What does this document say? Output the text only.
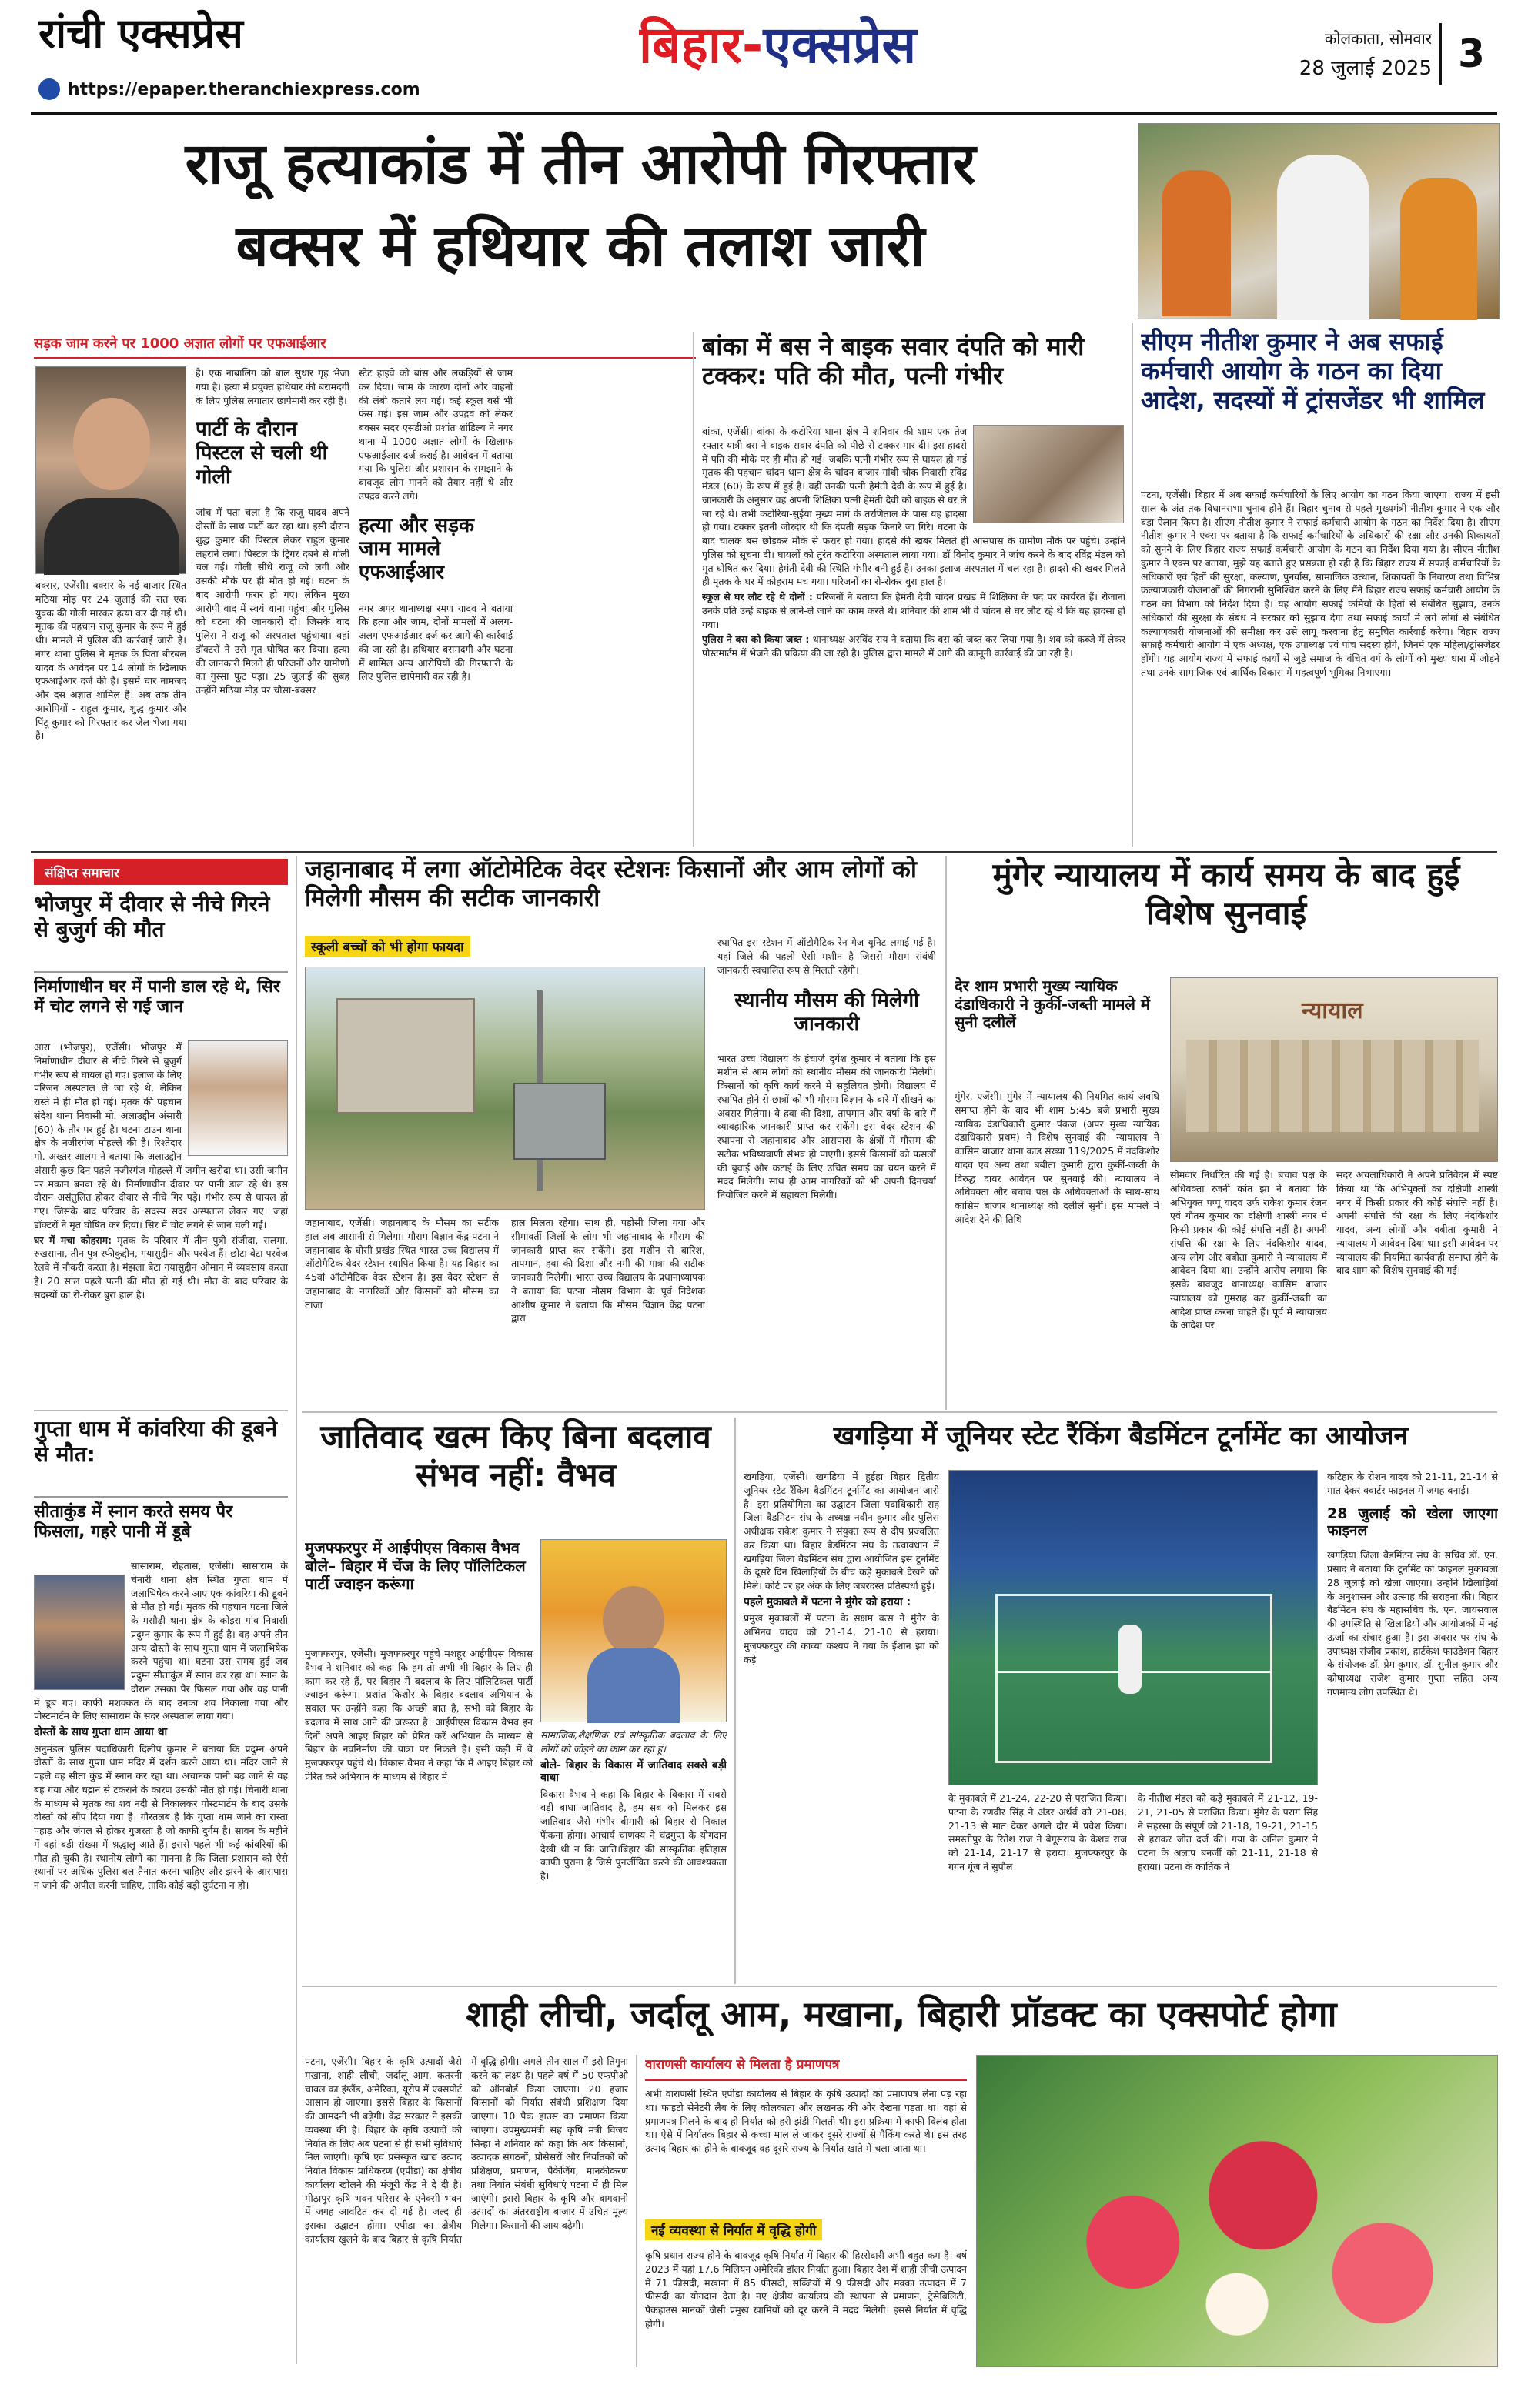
रांची एक्सप्रेस
https://epaper.theranchiexpress.com
बिहार-एक्सप्रेस	कोलकाता, सोमवार
28 जुलाई 2025 3
राजू हत्याकांड में तीन आरोपी गिरफ्तार
बक्सर में हथियार की तलाश जारी
सड़क जाम करने पर 1000 अज्ञात लोगों पर एफआईआर
बक्सर, एजेंसी। बक्सर के नई बाजार स्थित मठिया मोड़ पर 24 जुलाई की रात एक युवक की गोली मारकर हत्या कर दी गई थी। मृतक की पहचान राजू कुमार के रूप में हुई थी। मामले में पुलिस की कार्रवाई जारी है। नगर थाना पुलिस ने मृतक के पिता बीरबल यादव के आवेदन पर 14 लोगों के खिलाफ एफआईआर दर्ज की है। इसमें चार नामजद और दस अज्ञात शामिल हैं। अब तक तीन आरोपियों - राहुल कुमार, शुद्ध कुमार और पिंटू कुमार को गिरफ्तार कर जेल भेजा गया है।

है। एक नाबालिग को बाल सुधार गृह भेजा गया है। हत्या में प्रयुक्त हथियार की बरामदगी के लिए पुलिस लगातार छापेमारी कर रही है।

पार्टी के दौरान पिस्टल से चली थी गोली

जांच में पता चला है कि राजू यादव अपने दोस्तों के साथ पार्टी कर रहा था। इसी दौरान शुद्ध कुमार की पिस्टल लेकर राहुल कुमार लहराने लगा। पिस्टल के ट्रिगर दबने से गोली चल गई। गोली सीधे राजू को लगी और उसकी मौके पर ही मौत हो गई। घटना के बाद आरोपी फरार हो गए। लेकिन मुख्य आरोपी बाद में स्वयं थाना पहुंचा और पुलिस को घटना की जानकारी दी। जिसके बाद पुलिस ने राजू को अस्पताल पहुंचाया। वहां डॉक्टरों ने उसे मृत घोषित कर दिया। हत्या की जानकारी मिलते ही परिजनों और ग्रामीणों का गुस्सा फूट पड़ा। 25 जुलाई की सुबह उन्होंने मठिया मोड़ पर चौसा-बक्सर

स्टेट हाइवे को बांस और लकड़ियों से जाम कर दिया। जाम के कारण दोनों ओर वाहनों की लंबी कतारें लग गईं। कई स्कूल बसें भी फंस गई। इस जाम और उपद्रव को लेकर बक्सर सदर एसडीओ प्रशांत शांडिल्य ने नगर थाना में 1000 अज्ञात लोगों के खिलाफ एफआईआर दर्ज कराई है। आवेदन में बताया गया कि पुलिस और प्रशासन के समझाने के बावजूद लोग मानने को तैयार नहीं थे और उपद्रव करने लगे।

हत्या और सड़क जाम मामले एफआईआर

नगर अपर थानाध्यक्ष रमण यादव ने बताया कि हत्या और जाम, दोनों मामलों में अलग-अलग एफआईआर दर्ज कर आगे की कार्रवाई की जा रही है। हथियार बरामदगी और घटना में शामिल अन्य आरोपियों की गिरफ्तारी के लिए पुलिस छापेमारी कर रही है।

बांका में बस ने बाइक सवार दंपति को मारी टक्कर: पति की मौत, पत्नी गंभीर

बांका, एजेंसी। बांका के कटोरिया थाना क्षेत्र में शनिवार की शाम एक तेज रफ्तार यात्री बस ने बाइक सवार दंपति को पीछे से टक्कर मार दी। इस हादसे में पति की मौके पर ही मौत हो गई। जबकि पत्नी गंभीर रूप से घायल हो गई मृतक की पहचान चांदन थाना क्षेत्र के चांदन बाजार गांधी चौक निवासी रविंद्र मंडल (60) के रूप में हुई है। वहीं उनकी पत्नी हेमंती देवी के रूप में हुई है। जानकारी के अनुसार वह अपनी शिक्षिका पत्नी हेमंती देवी को बाइक से घर ले जा रहे थे। तभी कटोरिया-सुईया मुख्य मार्ग के तरणिताल के पास यह हादसा हो गया। टक्कर इतनी जोरदार थी कि दंपती सड़क किनारे जा गिरे। घटना के बाद चालक बस छोड़कर मौके से फरार हो गया। हादसे की खबर मिलते ही आसपास के ग्रामीण मौके पर पहुंचे। उन्होंने पुलिस को सूचना दी। घायलों को तुरंत कटोरिया अस्पताल लाया गया। डॉ विनोद कुमार ने जांच करने के बाद रविंद्र मंडल को मृत घोषित कर दिया। हेमंती देवी की स्थिति गंभीर बनी हुई है। उनका इलाज अस्पताल में चल रहा है। हादसे की खबर मिलते ही मृतक के घर में कोहराम मच गया। परिजनों का रो-रोकर बुरा हाल है।

स्कूल से घर लौट रहे थे दोनों : परिजनों ने बताया कि हेमंती देवी चांदन प्रखंड में शिक्षिका के पद पर कार्यरत हैं। रोजाना उनके पति उन्हें बाइक से लाने-ले जाने का काम करते थे। शनिवार की शाम भी वे चांदन से घर लौट रहे थे कि यह हादसा हो गया।

पुलिस ने बस को किया जब्त : थानाध्यक्ष अरविंद राय ने बताया कि बस को जब्त कर लिया गया है। शव को कब्जे में लेकर पोस्टमार्टम में भेजने की प्रक्रिया की जा रही है। पुलिस द्वारा मामले में आगे की कानूनी कार्रवाई की जा रही है।

सीएम नीतीश कुमार ने अब सफाई कर्मचारी आयोग के गठन का दिया आदेश, सदस्यों में ट्रांसजेंडर भी शामिल
पटना, एजेंसी। बिहार में अब सफाई कर्मचारियों के लिए आयोग का गठन किया जाएगा। राज्य में इसी साल के अंत तक विधानसभा चुनाव होने हैं। बिहार चुनाव से पहले मुख्यमंत्री नीतीश कुमार ने एक और बड़ा ऐलान किया है। सीएम नीतीश कुमार ने सफाई कर्मचारी आयोग के गठन का निर्देश दिया है। सीएम नीतीश कुमार ने एक्स पर बताया है कि सफाई कर्मचारियों के अधिकारों की रक्षा और उनकी शिकायतों को सुनने के लिए बिहार राज्य सफाई कर्मचारी आयोग के गठन का निर्देश दिया गया है। सीएम नीतीश कुमार ने एक्स पर बताया, मुझे यह बताते हुए प्रसन्नता हो रही है कि बिहार राज्य में सफाई कर्मचारियों के अधिकारों एवं हितों की सुरक्षा, कल्याण, पुनर्वास, सामाजिक उत्थान, शिकायतों के निवारण तथा विभिन्न कल्याणकारी योजनाओं की निगरानी सुनिश्चित करने के लिए मैंने बिहार राज्य सफाई कर्मचारी आयोग के गठन का विभाग को निर्देश दिया है। यह आयोग सफाई कर्मियों के हितों से संबंधित सुझाव, उनके अधिकारों की सुरक्षा के संबंध में सरकार को सुझाव देगा तथा सफाई कार्यों में लगे लोगों से संबंधित कल्याणकारी योजनाओं की समीक्षा कर उसे लागू करवाना हेतु समुचित कार्रवाई करेगा। बिहार राज्य सफाई कर्मचारी आयोग में एक अध्यक्ष, एक उपाध्यक्ष एवं पांच सदस्य होंगे, जिनमें एक महिला/ट्रांसजेंडर होंगी। यह आयोग राज्य में सफाई कार्यों से जुड़े समाज के वंचित वर्ग के लोगों को मुख्य धारा में जोड़ने तथा उनके सामाजिक एवं आर्थिक विकास में महत्वपूर्ण भूमिका निभाएगा।
संक्षिप्त समाचार
भोजपुर में दीवार से नीचे गिरने से बुजुर्ग की मौत
निर्माणाधीन घर में पानी डाल रहे थे, सिर में चोट लगने से गई जान

आरा (भोजपुर), एजेंसी। भोजपुर में निर्माणाधीन दीवार से नीचे गिरने से बुजुर्ग गंभीर रूप से घायल हो गए। इलाज के लिए परिजन अस्पताल ले जा रहे थे, लेकिन रास्ते में ही मौत हो गई। मृतक की पहचान संदेश थाना निवासी मो. अलाउद्दीन अंसारी (60) के तौर पर हुई है। घटना टाउन थाना क्षेत्र के नजीरगंज मोहल्ले की है। रिश्तेदार मो. अख्तर आलम ने बताया कि अलाउद्दीन अंसारी कुछ दिन पहले नजीरगंज मोहल्ले में जमीन खरीदा था। उसी जमीन पर मकान बनवा रहे थे। निर्माणाधीन दीवार पर पानी डाल रहे थे। इस दौरान असंतुलित होकर दीवार से नीचे गिर पड़े। गंभीर रूप से घायल हो गए। जिसके बाद परिवार के सदस्य सदर अस्पताल लेकर गए। जहां डॉक्टरों ने मृत घोषित कर दिया। सिर में चोट लगने से जान चली गई।

घर में मचा कोहराम: मृतक के परिवार में तीन पुत्री संजीदा, सलमा, रुखसाना, तीन पुत्र रफीकुद्दीन, गयासुद्दीन और परवेज हैं। छोटा बेटा परवेज रेलवे में नौकरी करता है। मंझला बेटा गयासुद्दीन ओमान में व्यवसाय करता है। 20 साल पहले पत्नी की मौत हो गई थी। मौत के बाद परिवार के सदस्यों का रो-रोकर बुरा हाल है।

गुप्ता धाम में कांवरिया की डूबने से मौत:
सीताकुंड में स्नान करते समय पैर फिसला, गहरे पानी में डूबे

सासाराम, रोहतास, एजेंसी। सासाराम के चेनारी थाना क्षेत्र स्थित गुप्ता धाम में जलाभिषेक करने आए एक कांवरिया की डूबने से मौत हो गई। मृतक की पहचान पटना जिले के मसौढ़ी थाना क्षेत्र के कोइरा गांव निवासी प्रदुम्न कुमार के रूप में हुई है। वह अपने तीन अन्य दोस्तों के साथ गुप्ता धाम में जलाभिषेक करने पहुंचा था। घटना उस समय हुई जब प्रदुम्न सीताकुंड में स्नान कर रहा था। स्नान के दौरान उसका पैर फिसल गया और वह पानी में डूब गए। काफी मशक्कत के बाद उनका शव निकाला गया और पोस्टमार्टम के लिए सासाराम के सदर अस्पताल लाया गया।

दोस्तों के साथ गुप्ता धाम आया था

अनुमंडल पुलिस पदाधिकारी दिलीप कुमार ने बताया कि प्रदुम्न अपने दोस्तों के साथ गुप्ता धाम मंदिर में दर्शन करने आया था। मंदिर जाने से पहले वह सीता कुंड में स्नान कर रहा था। अचानक पानी बढ़ जाने से वह बह गया और चट्टान से टकराने के कारण उसकी मौत हो गई। चिनारी थाना के माध्यम से मृतक का शव नदी से निकालकर पोस्टमार्टम के बाद उसके दोस्तों को सौंप दिया गया है। गौरतलब है कि गुप्ता धाम जाने का रास्ता पहाड़ और जंगल से होकर गुजरता है जो काफी दुर्गम है। सावन के महीने में वहां बड़ी संख्या में श्रद्धालु आते हैं। इससे पहले भी कई कांवरियों की मौत हो चुकी है। स्थानीय लोगों का मानना है कि जिला प्रशासन को ऐसे स्थानों पर अधिक पुलिस बल तैनात करना चाहिए और झरने के आसपास न जाने की अपील करनी चाहिए, ताकि कोई बड़ी दुर्घटना न हो।

जहानाबाद में लगा ऑटोमेटिक वेदर स्टेशनः किसानों और आम लोगों को मिलेगी मौसम की सटीक जानकारी
स्कूली बच्चों को भी होगा फायदा
जहानाबाद, एजेंसी। जहानाबाद के मौसम का सटीक हाल अब आसानी से मिलेगा। मौसम विज्ञान केंद्र पटना ने जहानाबाद के घोसी प्रखंड स्थित भारत उच्च विद्यालय में ऑटोमैटिक वेदर स्टेशन स्थापित किया है। यह बिहार का 45वां ऑटोमैटिक वेदर स्टेशन है। इस वेदर स्टेशन से जहानाबाद के नागरिकों और किसानों को मौसम का ताजा
हाल मिलता रहेगा। साथ ही, पड़ोसी जिला गया और सीमावर्ती जिलों के लोग भी जहानाबाद के मौसम की जानकारी प्राप्त कर सकेंगे। इस मशीन से बारिश, तापमान, हवा की दिशा और नमी की मात्रा की सटीक जानकारी मिलेगी। भारत उच्च विद्यालय के प्रधानाध्यापक ने बताया कि पटना मौसम विभाग के पूर्व निदेशक आशीष कुमार ने बताया कि मौसम विज्ञान केंद्र पटना द्वारा

स्थापित इस स्टेशन में ऑटोमैटिक रेन गेज यूनिट लगाई गई है। यहां जिले की पहली ऐसी मशीन है जिससे मौसम संबंधी जानकारी स्वचालित रूप से मिलती रहेगी।

स्थानीय मौसम की मिलेगी जानकारी

भारत उच्च विद्यालय के इंचार्ज दुर्गेश कुमार ने बताया कि इस मशीन से आम लोगों को स्थानीय मौसम की जानकारी मिलेगी। किसानों को कृषि कार्य करने में सहूलियत होगी। विद्यालय में स्थापित होने से छात्रों को भी मौसम विज्ञान के बारे में सीखने का अवसर मिलेगा। वे हवा की दिशा, तापमान और वर्षा के बारे में व्यावहारिक जानकारी प्राप्त कर सकेंगे। इस वेदर स्टेशन की स्थापना से जहानाबाद और आसपास के क्षेत्रों में मौसम की सटीक भविष्यवाणी संभव हो पाएगी। इससे किसानों को फसलों की बुवाई और कटाई के लिए उचित समय का चयन करने में मदद मिलेगी। साथ ही आम नागरिकों को भी अपनी दिनचर्या नियोजित करने में सहायता मिलेगी।

मुंगेर न्यायालय में कार्य समय के बाद हुई विशेष सुनवाई
देर शाम प्रभारी मुख्य न्यायिक दंडाधिकारी ने कुर्की-जब्ती मामले में सुनी दलीलें	न्यायाल
मुंगेर, एजेंसी। मुंगेर में न्यायालय की नियमित कार्य अवधि समाप्त होने के बाद भी शाम 5:45 बजे प्रभारी मुख्य न्यायिक दंडाधिकारी कुमार पंकज (अपर मुख्य न्यायिक दंडाधिकारी प्रथम) ने विशेष सुनवाई की। न्यायालय ने कासिम बाजार थाना कांड संख्या 119/2025 में नंदकिशोर यादव एवं अन्य तथा बबीता कुमारी द्वारा कुर्की-जब्ती के विरुद्ध दायर आवेदन पर सुनवाई की। न्यायालय ने अधिवक्ता और बचाव पक्ष के अधिवक्ताओं के साथ-साथ कासिम बाजार थानाध्यक्ष की दलीलें सुनीं। इस मामले में आदेश देने की तिथि
सोमवार निर्धारित की गई है। बचाव पक्ष के अधिवक्ता रजनी कांत झा ने बताया कि अभियुक्त पप्पू यादव उर्फ राकेश कुमार रंजन एवं गौतम कुमार का दक्षिणी शास्त्री नगर में किसी प्रकार की कोई संपत्ति नहीं है। अपनी संपत्ति की रक्षा के लिए नंदकिशोर यादव, अन्य लोग और बबीता कुमारी ने न्यायालय में आवेदन दिया था। उन्होंने आरोप लगाया कि इसके बावजूद थानाध्यक्ष कासिम बाजार न्यायालय को गुमराह कर कुर्की-जब्ती का आदेश प्राप्त करना चाहते हैं। पूर्व में न्यायालय के आदेश पर
सदर अंचलाधिकारी ने अपने प्रतिवेदन में स्पष्ट किया था कि अभियुक्तों का दक्षिणी शास्त्री नगर में किसी प्रकार की कोई संपत्ति नहीं है। अपनी संपत्ति की रक्षा के लिए नंदकिशोर यादव, अन्य लोगों और बबीता कुमारी ने न्यायालय में आवेदन दिया था। इसी आवेदन पर न्यायालय की नियमित कार्यवाही समाप्त होने के बाद शाम को विशेष सुनवाई की गई।
जातिवाद खत्म किए बिना बदलाव संभव नहीं: वैभव
मुजफ्फरपुर में आईपीएस विकास वैभव बोले– बिहार में चेंज के लिए पॉलिटिकल पार्टी ज्वाइन करूंगा
मुजफ्फरपुर, एजेंसी। मुजफ्फरपुर पहुंचे मशहूर आईपीएस विकास वैभव ने शनिवार को कहा कि हम तो अभी भी बिहार के लिए ही काम कर रहे हैं, पर बिहार में बदलाव के लिए पॉलिटिकल पार्टी ज्वाइन करूंगा। प्रशांत किशोर के बिहार बदलाव अभियान के सवाल पर उन्होंने कहा कि अच्छी बात है, सभी को बिहार के बदलाव में साथ आने की जरूरत है। आईपीएस विकास वैभव इन दिनों अपने आइए बिहार को प्रेरित करें अभियान के माध्यम से बिहार के नवनिर्माण की यात्रा पर निकले हैं। इसी कड़ी में वे मुजफ्फरपुर पहुंचे थे। विकास वैभव ने कहा कि मैं आइए बिहार को प्रेरित करें अभियान के माध्यम से बिहार में

सामाजिक,शैक्षणिक एवं सांस्कृतिक बदलाव के लिए लोगों को जोड़ने का काम कर रहा हूं।

बोले- बिहार के विकास में जातिवाद सबसे बड़ी बाधा

विकास वैभव ने कहा कि बिहार के विकास में सबसे बड़ी बाधा जातिवाद है, हम सब को मिलकर इस जातिवाद जैसे गंभीर बीमारी को बिहार से निकाल फेंकना होगा। आचार्य चाणक्य ने चंद्रगुप्त के योगदान देखी थी न कि जाति।बिहार की सांस्कृतिक इतिहास काफी पुराना है जिसे पुनर्जीवित करने की आवश्यकता है।

खगड़िया में जूनियर स्टेट रैंकिंग बैडमिंटन टूर्नामेंट का आयोजन

खगड़िया, एजेंसी। खगड़िया में हुईहा बिहार द्वितीय जूनियर स्टेट रैंकिंग बैडमिंटन टूर्नामेंट का आयोजन जारी है। इस प्रतियोगिता का उद्घाटन जिला पदाधिकारी सह जिला बैडमिंटन संघ के अध्यक्ष नवीन कुमार और पुलिस अधीक्षक राकेश कुमार ने संयुक्त रूप से दीप प्रज्वलित कर किया था। बिहार बैडमिंटन संघ के तत्वावधान में खगड़िया जिला बैडमिंटन संघ द्वारा आयोजित इस टूर्नामेंट के दूसरे दिन खिलाड़ियों के बीच कड़े मुकाबले देखने को मिले। कोर्ट पर हर अंक के लिए जबरदस्त प्रतिस्पर्धा हुई।

पहले मुकाबले में पटना ने मुंगेर को हराया :

प्रमुख मुकाबलों में पटना के सक्षम वत्स ने मुंगेर के अभिनव यादव को 21-14, 21-10 से हराया। मुजफ्फरपुर की काव्या कश्यप ने गया के ईशान झा को कड़े

के मुकाबले में 21-24, 22-20 से पराजित किया। पटना के रणवीर सिंह ने अंडर अर्थर्व को 21-08, 21-13 से मात देकर अगले दौर में प्रवेश किया। समस्तीपुर के रितेश राज ने बेगूसराय के केशव राज को 21-14, 21-17 से हराया। मुजफ्फरपुर के गगन गूंज ने सुपौल
के नीतीश मंडल को कड़े मुकाबले में 21-12, 19-21, 21-05 से पराजित किया। मुंगेर के पराग सिंह ने सहरसा के संपूर्ण को 21-18, 19-21, 21-15 से हराकर जीत दर्ज की। गया के अनिल कुमार ने पटना के अलाप बनर्जी को 21-11, 21-18 से हराया। पटना के कार्तिक ने

कटिहार के रोशन यादव को 21-11, 21-14 से मात देकर क्वार्टर फाइनल में जगह बनाई।

28 जुलाई को खेला जाएगा फाइनल

खगड़िया जिला बैडमिंटन संघ के सचिव डॉ. एन. प्रसाद ने बताया कि टूर्नामेंट का फाइनल मुकाबला 28 जुलाई को खेला जाएगा। उन्होंने खिलाड़ियों के अनुशासन और उत्साह की सराहना की। बिहार बैडमिंटन संघ के महासचिव के. एन. जायसवाल की उपस्थिति से खिलाड़ियों और आयोजकों में नई ऊर्जा का संचार हुआ है। इस अवसर पर संघ के उपाध्यक्ष संजीव प्रकाश, हार्टकेश फाउंडेशन बिहार के संयोजक डॉ. प्रेम कुमार, डॉ. सुनील कुमार और कोषाध्यक्ष राजेश कुमार गुप्ता सहित अन्य गणमान्य लोग उपस्थित थे।

शाही लीची, जर्दालू आम, मखाना, बिहारी प्रॉडक्ट का एक्सपोर्ट होगा
पटना, एजेंसी। बिहार के कृषि उत्पादों जैसे मखाना, शाही लीची, जर्दालू आम, कतरनी चावल का इंग्लैंड, अमेरिका, यूरोप में एक्सपोर्ट आसान हो जाएगा। इससे बिहार के किसानों की आमदनी भी बढ़ेगी। केंद्र सरकार ने इसकी व्यवस्था की है। बिहार के कृषि उत्पादों को निर्यात के लिए अब पटना से ही सभी सुविधाएं मिल जाएंगी। कृषि एवं प्रसंस्कृत खाद्य उत्पाद निर्यात विकास प्राधिकरण (एपीडा) का क्षेत्रीय कार्यालय खोलने की मंजूरी केंद्र ने दे दी है। मीठापुर कृषि भवन परिसर के एनेक्सी भवन में जगह आवंटित कर दी गई है। जल्द ही इसका उद्घाटन होगा। एपीडा का क्षेत्रीय कार्यालय खुलने के बाद बिहार से कृषि निर्यात में वृद्धि होगी। अगले तीन साल में इसे तिगुना करने का लक्ष्य है। पहले वर्ष में 50 एफपीओ को ऑनबोर्ड किया जाएगा। 20 हजार किसानों को निर्यात संबंधी प्रशिक्षण दिया जाएगा। 10 पैक हाउस का प्रमाणन किया जाएगा। उपमुख्यमंत्री सह कृषि मंत्री विजय सिन्हा ने शनिवार को कहा कि अब किसानों, उत्पादक संगठनों, प्रोसेसरों और निर्यातकों को प्रशिक्षण, प्रमाणन, पैकेजिंग, मानकीकरण तथा निर्यात संबंधी सुविधाएं पटना में ही मिल जाएंगी। इससे बिहार के कृषि और बागवानी उत्पादों का अंतरराष्ट्रीय बाजार में उचित मूल्य मिलेगा। किसानों की आय बढ़ेगी।
वाराणसी कार्यालय से मिलता है प्रमाणपत्र
अभी वाराणसी स्थित एपीडा कार्यालय से बिहार के कृषि उत्पादों को प्रमाणपत्र लेना पड़ रहा था। फाइटो सेनेटरी लैब के लिए कोलकाता और लखनऊ की ओर देखना पड़ता था। वहां से प्रमाणपत्र मिलने के बाद ही निर्यात को हरी झंडी मिलती थी। इस प्रक्रिया में काफी विलंब होता था। ऐसे में निर्यातक बिहार से कच्चा माल ले जाकर दूसरे राज्यों से पैकिंग करते थे। इस तरह उत्पाद बिहार का होने के बावजूद वह दूसरे राज्य के निर्यात खाते में चला जाता था।
नई व्यवस्था से निर्यात में वृद्धि होगी
कृषि प्रधान राज्य होने के बावजूद कृषि निर्यात में बिहार की हिस्सेदारी अभी बहुत कम है। वर्ष 2023 में यहां 17.6 मिलियन अमेरिकी डॉलर निर्यात हुआ। बिहार देश में शाही लीची उत्पादन में 71 फीसदी, मखाना में 85 फीसदी, सब्जियों में 9 फीसदी और मक्का उत्पादन में 7 फीसदी का योगदान देता है। नए क्षेत्रीय कार्यालय की स्थापना से प्रमाणन, ट्रेसेबिलिटी, पैकहाउस मानकों जैसी प्रमुख खामियों को दूर करने में मदद मिलेगी। इससे निर्यात में वृद्धि होगी।
